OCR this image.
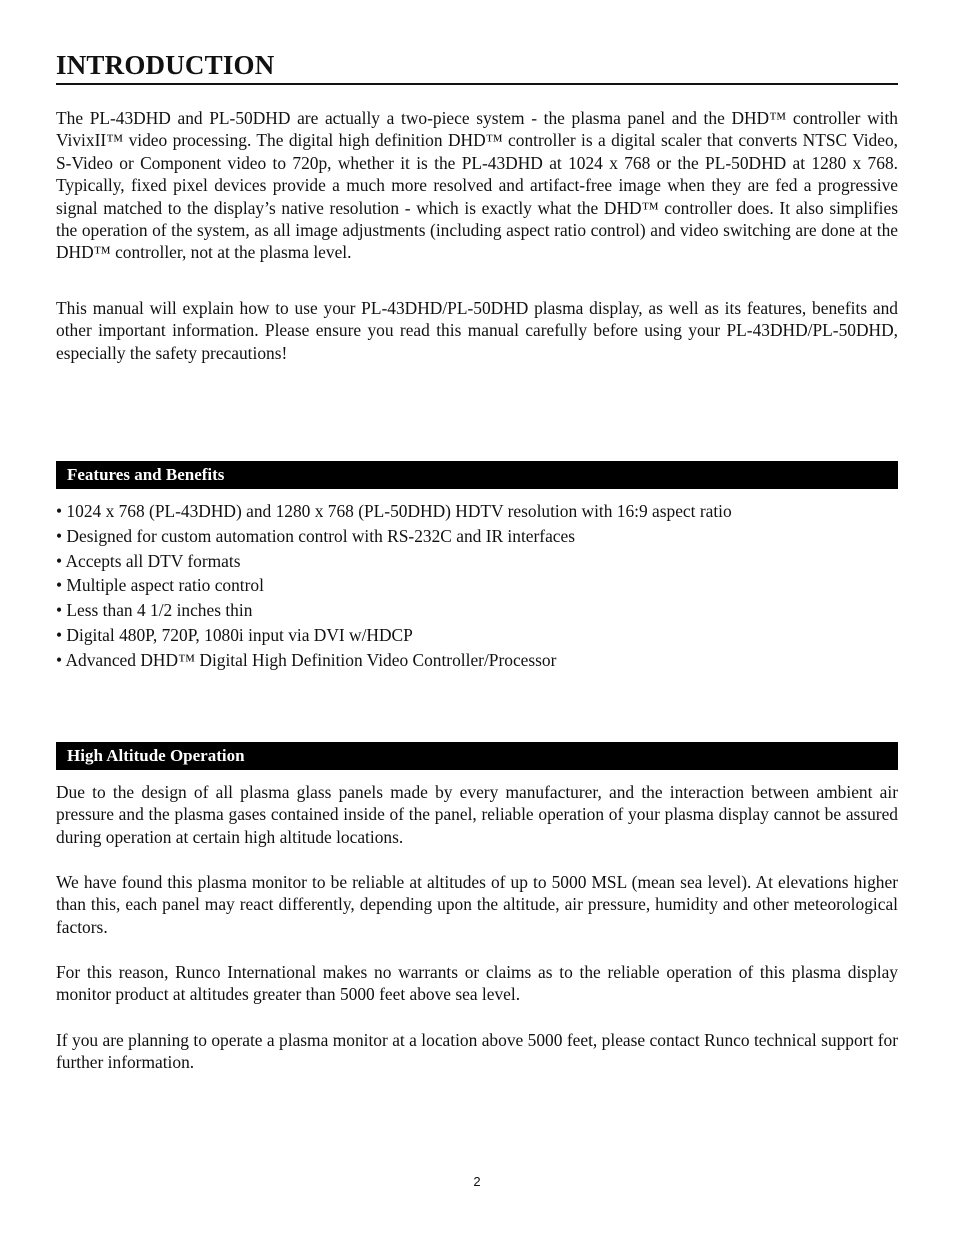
INTRODUCTION

The PL-43DHD and PL-50DHD are actually a two-piece system - the plasma panel and the DHD™ controller with VivixII™ video processing. The digital high definition DHD™ controller is a digital scaler that converts NTSC Video, S-Video or Component video to 720p, whether it is the PL-43DHD at 1024 x 768 or the PL-50DHD at 1280 x 768. Typically, fixed pixel devices provide a much more resolved and artifact-free image when they are fed a progressive signal matched to the display’s native resolution - which is exactly what the DHD™ controller does. It also simplifies the operation of the system, as all image adjustments (including aspect ratio control) and video switching are done at the DHD™ controller, not at the plasma level.

This manual will explain how to use your PL-43DHD/PL-50DHD plasma display, as well as its features, benefits and other important information. Please ensure you read this manual carefully before using your PL-43DHD/PL-50DHD, especially the safety precautions!

Features and Benefits
• 1024 x 768 (PL-43DHD) and 1280 x 768 (PL-50DHD) HDTV resolution with 16:9 aspect ratio
• Designed for custom automation control with RS-232C and IR interfaces
• Accepts all DTV formats
• Multiple aspect ratio control
• Less than 4 1/2 inches thin
• Digital 480P, 720P, 1080i input via DVI w/HDCP
• Advanced DHD™ Digital High Definition Video Controller/Processor
High Altitude Operation

Due to the design of all plasma glass panels made by every manufacturer, and the interaction between ambient air pressure and the plasma gases contained inside of the panel, reliable operation of your plasma display cannot be assured during operation at certain high altitude locations.

We have found this plasma monitor to be reliable at altitudes of up to 5000 MSL (mean sea level). At elevations higher than this, each panel may react differently, depending upon the altitude, air pressure, humidity and other meteorological factors.

For this reason, Runco International makes no warrants or claims as to the reliable operation of this plasma display monitor product at altitudes greater than 5000 feet above sea level.

If you are planning to operate a plasma monitor at a location above 5000 feet, please contact Runco technical support for further information.

2
